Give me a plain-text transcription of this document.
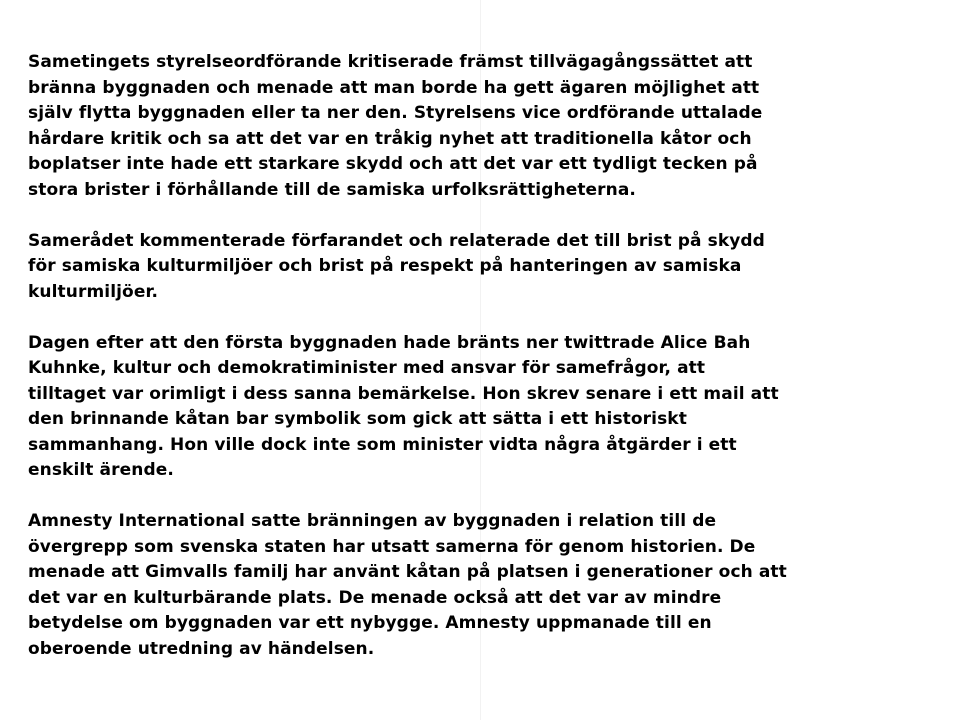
Sametingets styrelseordförande kritiserade främst tillvägagångssättet att
bränna byggnaden och menade att man borde ha gett ägaren möjlighet att
själv flytta byggnaden eller ta ner den. Styrelsens vice ordförande uttalade
hårdare kritik och sa att det var en tråkig nyhet att traditionella kåtor och
boplatser inte hade ett starkare skydd och att det var ett tydligt tecken på
stora brister i förhållande till de samiska urfolksrättigheterna.

Samerådet kommenterade förfarandet och relaterade det till brist på skydd
för samiska kulturmiljöer och brist på respekt på hanteringen av samiska
kulturmiljöer.

Dagen efter att den första byggnaden hade bränts ner twittrade Alice Bah
Kuhnke, kultur och demokratiminister med ansvar för samefrågor, att
tilltaget var orimligt i dess sanna bemärkelse. Hon skrev senare i ett mail att
den brinnande kåtan bar symbolik som gick att sätta i ett historiskt
sammanhang. Hon ville dock inte som minister vidta några åtgärder i ett
enskilt ärende.

Amnesty International satte bränningen av byggnaden i relation till de
övergrepp som svenska staten har utsatt samerna för genom historien. De
menade att Gimvalls familj har använt kåtan på platsen i generationer och att
det var en kulturbärande plats. De menade också att det var av mindre
betydelse om byggnaden var ett nybygge. Amnesty uppmanade till en
oberoende utredning av händelsen.
